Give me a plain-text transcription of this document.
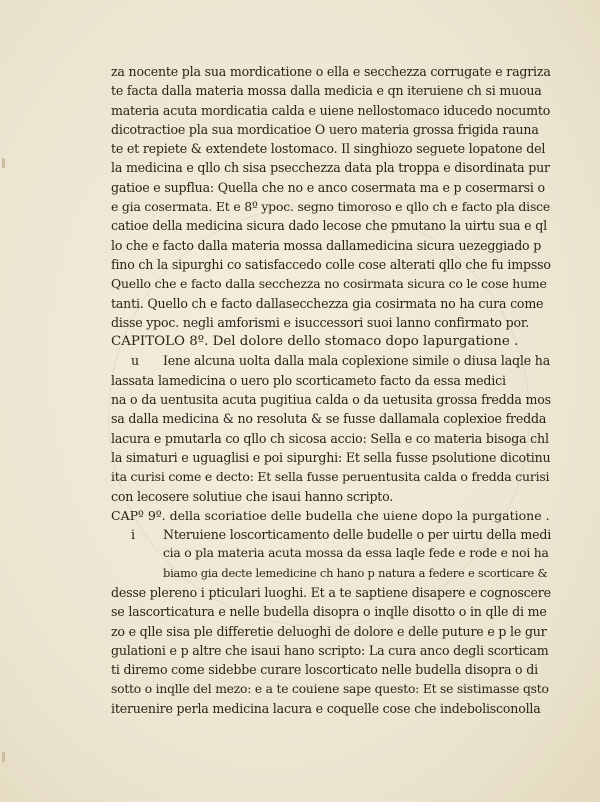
za nocente pla sua mordicatione o ella e secchezza corrugate e ragriza
te facta dalla materia mossa dalla medicia e qn iteruiene ch si muoua
materia acuta mordicatia calda e uiene nellostomaco iducedo nocumto
dicotractioe pla sua mordicatioe O uero materia grossa frigida rauna
te et repiete & extendete lostomaco. Il singhiozo seguete lopatone del
la medicina e qllo ch sisa psecchezza data pla troppa e disordinata pur
gatioe e supflua: Quella che no e anco cosermata ma e p cosermarsi o
e gia cosermata. Et e 8º ypoc. segno timoroso e qllo ch e facto pla disce
catioe della medicina sicura dado lecose che pmutano la uirtu sua e ql
lo che e facto dalla materia mossa dallamedicina sicura uezeggiado p
fino ch la sipurghi co satisfaccedo colle cose alterati qllo che fu impsso
Quello che e facto dalla secchezza no cosirmata sicura co le cose hume
tanti. Quello ch e facto dallasecchezza gia cosirmata no ha cura come
disse ypoc. negli amforismi e isuccessori suoi lanno confirmato por.
CAPITOLO 8º. Del dolore dello stomaco dopo lapurgatione .
u Iene alcuna uolta dalla mala coplexione simile o diusa laqle ha
lassata lamedicina o uero plo scorticameto facto da essa medici
na o da uentusita acuta pugitiua calda o da uetusita grossa fredda mos
sa dalla medicina & no resoluta & se fusse dallamala coplexioe fredda
lacura e pmutarla co qllo ch sicosa accio: Sella e co materia bisoga chl
la simaturi e uguaglisi e poi sipurghi: Et sella fusse psolutione dicotinu
ita curisi come e decto: Et sella fusse peruentusita calda o fredda curisi
con lecosere solutiue che isaui hanno scripto.
CAPº 9º. della scoriatioe delle budella che uiene dopo la purgatione .
i Nteruiene loscorticamento delle budelle o per uirtu della medi
cia o pla materia acuta mossa da essa laqle fede e rode e noi ha
biamo gia decte lemedicine ch hano p natura a federe e scorticare &
desse plereno i pticulari luoghi. Et a te saptiene disapere e cognoscere
se lascorticatura e nelle budella disopra o inqlle disotto o in qlle di me
zo e qlle sisa ple differetie deluoghi de dolore e delle puture e p le gur
gulationi e p altre che isaui hano scripto: La cura anco degli scorticam
ti diremo come sidebbe curare loscorticato nelle budella disopra o di
sotto o inqlle del mezo: e a te couiene sape questo: Et se sistimasse qsto
iteruenire perla medicina lacura e coquelle cose che indebolisconolla
